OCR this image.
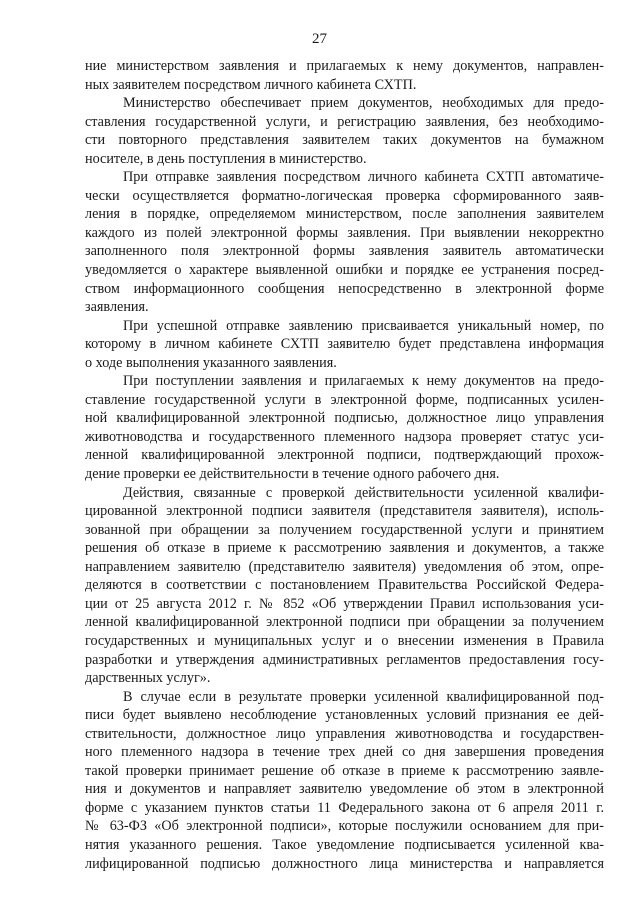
27
ние министерством заявления и прилагаемых к нему документов, направлен-
ных заявителем посредством личного кабинета СХТП.
Министерство обеспечивает прием документов, необходимых для предо-
ставления государственной услуги, и регистрацию заявления, без необходимо-
сти повторного представления заявителем таких документов на бумажном
носителе, в день поступления в министерство.
При отправке заявления посредством личного кабинета СХТП автоматиче-
чески осуществляется форматно-логическая проверка сформированного заяв-
ления в порядке, определяемом министерством, после заполнения заявителем
каждого из полей электронной формы заявления. При выявлении некорректно
заполненного поля электронной формы заявления заявитель автоматически
уведомляется о характере выявленной ошибки и порядке ее устранения посред-
ством информационного сообщения непосредственно в электронной форме
заявления.
При успешной отправке заявлению присваивается уникальный номер, по
которому в личном кабинете СХТП заявителю будет представлена информация
о ходе выполнения указанного заявления.
При поступлении заявления и прилагаемых к нему документов на предо-
ставление государственной услуги в электронной форме, подписанных усилен-
ной квалифицированной электронной подписью, должностное лицо управления
животноводства и государственного племенного надзора проверяет статус уси-
ленной квалифицированной электронной подписи, подтверждающий прохож-
дение проверки ее действительности в течение одного рабочего дня.
Действия, связанные с проверкой действительности усиленной квалифи-
цированной электронной подписи заявителя (представителя заявителя), исполь-
зованной при обращении за получением государственной услуги и принятием
решения об отказе в приеме к рассмотрению заявления и документов, а также
направлением заявителю (представителю заявителя) уведомления об этом, опре-
деляются в соответствии с постановлением Правительства Российской Федера-
ции от 25 августа 2012 г. № 852 «Об утверждении Правил использования уси-
ленной квалифицированной электронной подписи при обращении за получением
государственных и муниципальных услуг и о внесении изменения в Правила
разработки и утверждения административных регламентов предоставления госу-
дарственных услуг».
В случае если в результате проверки усиленной квалифицированной под-
писи будет выявлено несоблюдение установленных условий признания ее дей-
ствительности, должностное лицо управления животноводства и государствен-
ного племенного надзора в течение трех дней со дня завершения проведения
такой проверки принимает решение об отказе в приеме к рассмотрению заявле-
ния и документов и направляет заявителю уведомление об этом в электронной
форме с указанием пунктов статьи 11 Федерального закона от 6 апреля 2011 г.
№ 63-ФЗ «Об электронной подписи», которые послужили основанием для при-
нятия указанного решения. Такое уведомление подписывается усиленной ква-
лифицированной подписью должностного лица министерства и направляется
